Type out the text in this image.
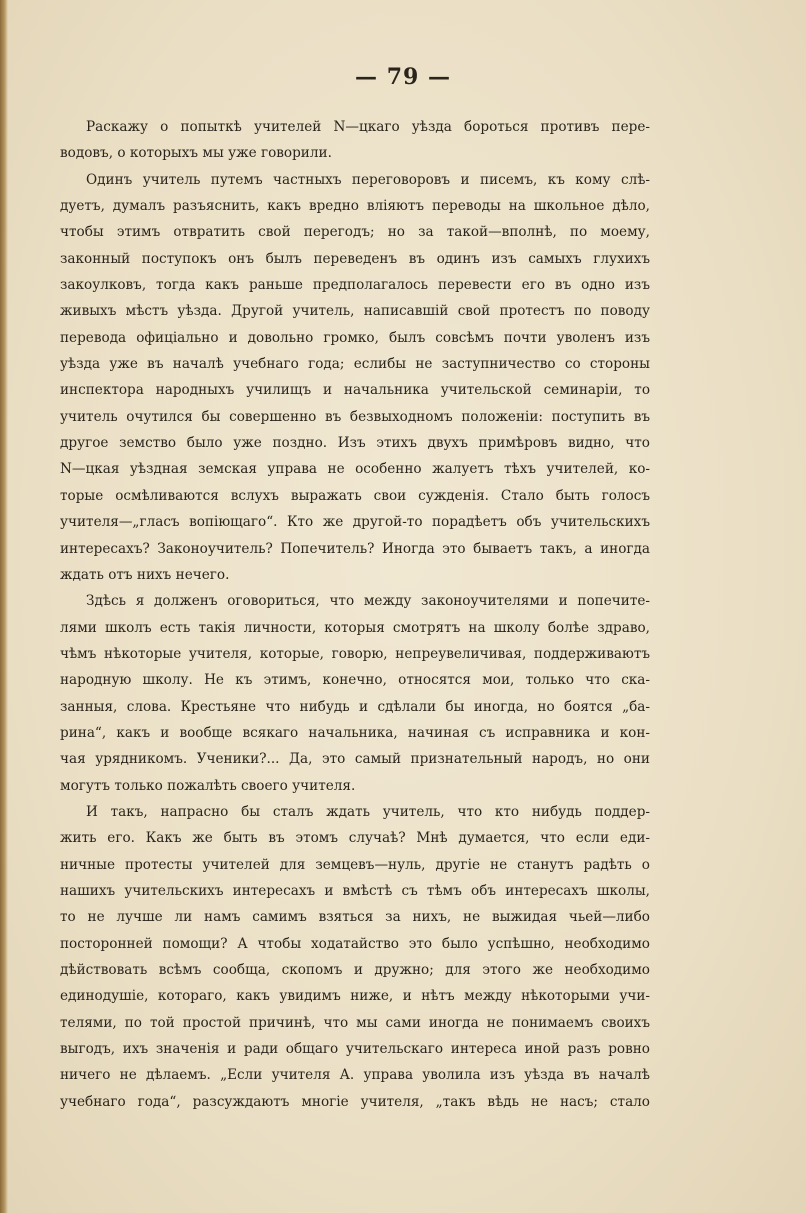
— 79 —

Раскажу о попыткѣ учителей N—цкаго уѣзда бороться противъ пере-

водовъ, о которыхъ мы уже говорили.

Одинъ учитель путемъ частныхъ переговоровъ и писемъ, къ кому слѣ-

дуетъ, думалъ разъяснить, какъ вредно вліяютъ переводы на школьное дѣло,

чтобы этимъ отвратить свой перегодъ; но за такой—вполнѣ, по моему,

законный поступокъ онъ былъ переведенъ въ одинъ изъ самыхъ глухихъ

закоулковъ, тогда какъ раньше предполагалось перевести его въ одно изъ

живыхъ мѣстъ уѣзда. Другой учитель, написавшій свой протестъ по поводу

перевода офиціально и довольно громко, былъ совсѣмъ почти уволенъ изъ

уѣзда уже въ началѣ учебнаго года; еслибы не заступничество со стороны

инспектора народныхъ училищъ и начальника учительской семинаріи, то

учитель очутился бы совершенно въ безвыходномъ положеніи: поступить въ

другое земство было уже поздно. Изъ этихъ двухъ примѣровъ видно, что

N—цкая уѣздная земская управа не особенно жалуетъ тѣхъ учителей, ко-

торые осмѣливаются вслухъ выражать свои сужденія. Стало быть голосъ

учителя—„гласъ вопіющаго“. Кто же другой-то порадѣетъ объ учительскихъ

интересахъ? Законоучитель? Попечитель? Иногда это бываетъ такъ, а иногда

ждать отъ нихъ нечего.

Здѣсь я долженъ оговориться, что между законоучителями и попечите-

лями школъ есть такія личности, которыя смотрятъ на школу болѣе здраво,

чѣмъ нѣкоторые учителя, которые, говорю, непреувеличивая, поддерживаютъ

народную школу. Не къ этимъ, конечно, относятся мои, только что ска-

занныя, слова. Крестьяне что нибудь и сдѣлали бы иногда, но боятся „ба-

рина“, какъ и вообще всякаго начальника, начиная съ исправника и кон-

чая урядникомъ. Ученики?... Да, это самый признательный народъ, но они

могутъ только пожалѣть своего учителя.

И такъ, напрасно бы сталъ ждать учитель, что кто нибудь поддер-

жить его. Какъ же быть въ этомъ случаѣ? Мнѣ думается, что если еди-

ничные протесты учителей для земцевъ—нуль, другіе не станутъ радѣть о

нашихъ учительскихъ интересахъ и вмѣстѣ съ тѣмъ объ интересахъ школы,

то не лучше ли намъ самимъ взяться за нихъ, не выжидая чьей—либо

посторонней помощи? А чтобы ходатайство это было успѣшно, необходимо

дѣйствовать всѣмъ сообща, скопомъ и дружно; для этого же необходимо

единодушіе, котораго, какъ увидимъ ниже, и нѣтъ между нѣкоторыми учи-

телями, по той простой причинѣ, что мы сами иногда не понимаемъ своихъ

выгодъ, ихъ значенія и ради общаго учительскаго интереса иной разъ ровно

ничего не дѣлаемъ. „Если учителя А. управа уволила изъ уѣзда въ началѣ

учебнаго года“, разсуждаютъ многіе учителя, „такъ вѣдь не насъ; стало
